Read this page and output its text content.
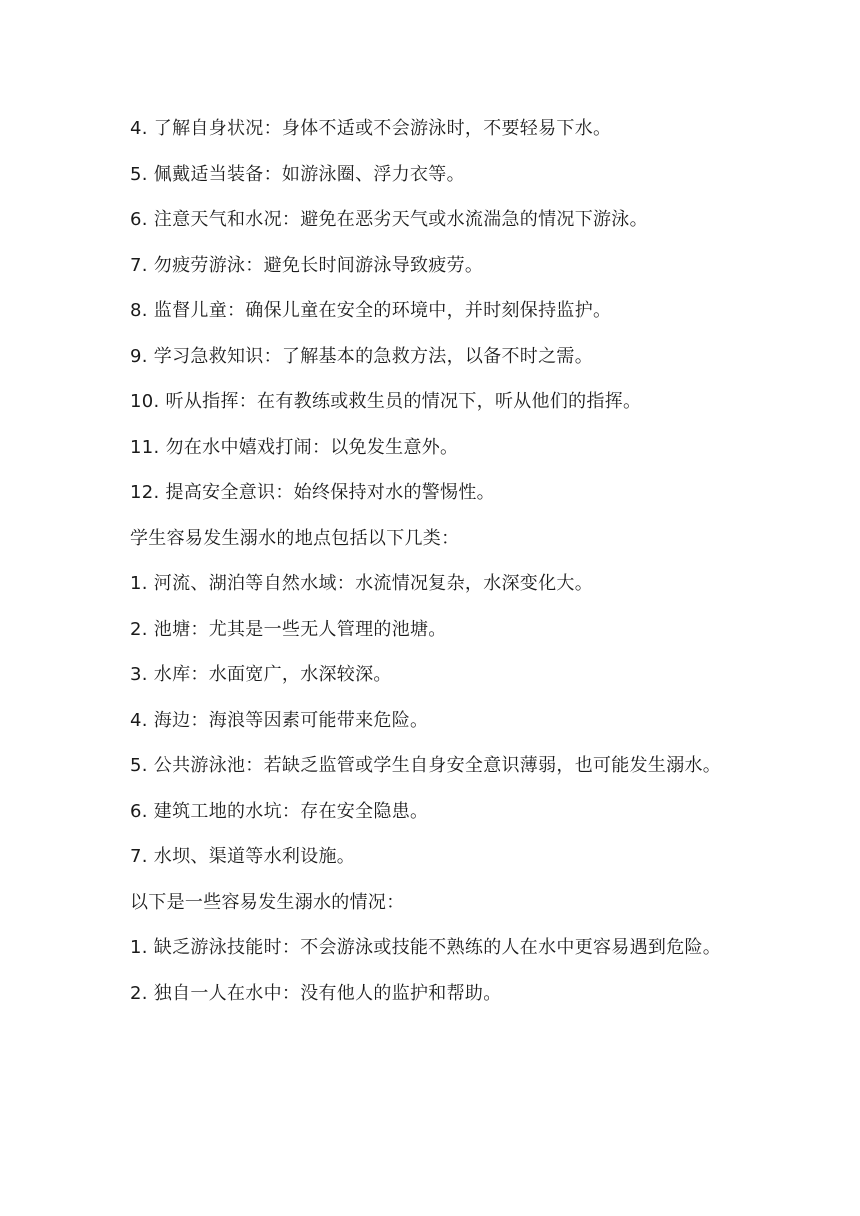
4. 了解自身状况：身体不适或不会游泳时，不要轻易下水。

5. 佩戴适当装备：如游泳圈、浮力衣等。

6. 注意天气和水况：避免在恶劣天气或水流湍急的情况下游泳。

7. 勿疲劳游泳：避免长时间游泳导致疲劳。

8. 监督儿童：确保儿童在安全的环境中，并时刻保持监护。

9. 学习急救知识：了解基本的急救方法，以备不时之需。

10. 听从指挥：在有教练或救生员的情况下，听从他们的指挥。

11. 勿在水中嬉戏打闹：以免发生意外。

12. 提高安全意识：始终保持对水的警惕性。

学生容易发生溺水的地点包括以下几类：

1. 河流、湖泊等自然水域：水流情况复杂，水深变化大。

2. 池塘：尤其是一些无人管理的池塘。

3. 水库：水面宽广，水深较深。

4. 海边：海浪等因素可能带来危险。

5. 公共游泳池：若缺乏监管或学生自身安全意识薄弱，也可能发生溺水。

6. 建筑工地的水坑：存在安全隐患。

7. 水坝、渠道等水利设施。

以下是一些容易发生溺水的情况：

1. 缺乏游泳技能时：不会游泳或技能不熟练的人在水中更容易遇到危险。

2. 独自一人在水中：没有他人的监护和帮助。
